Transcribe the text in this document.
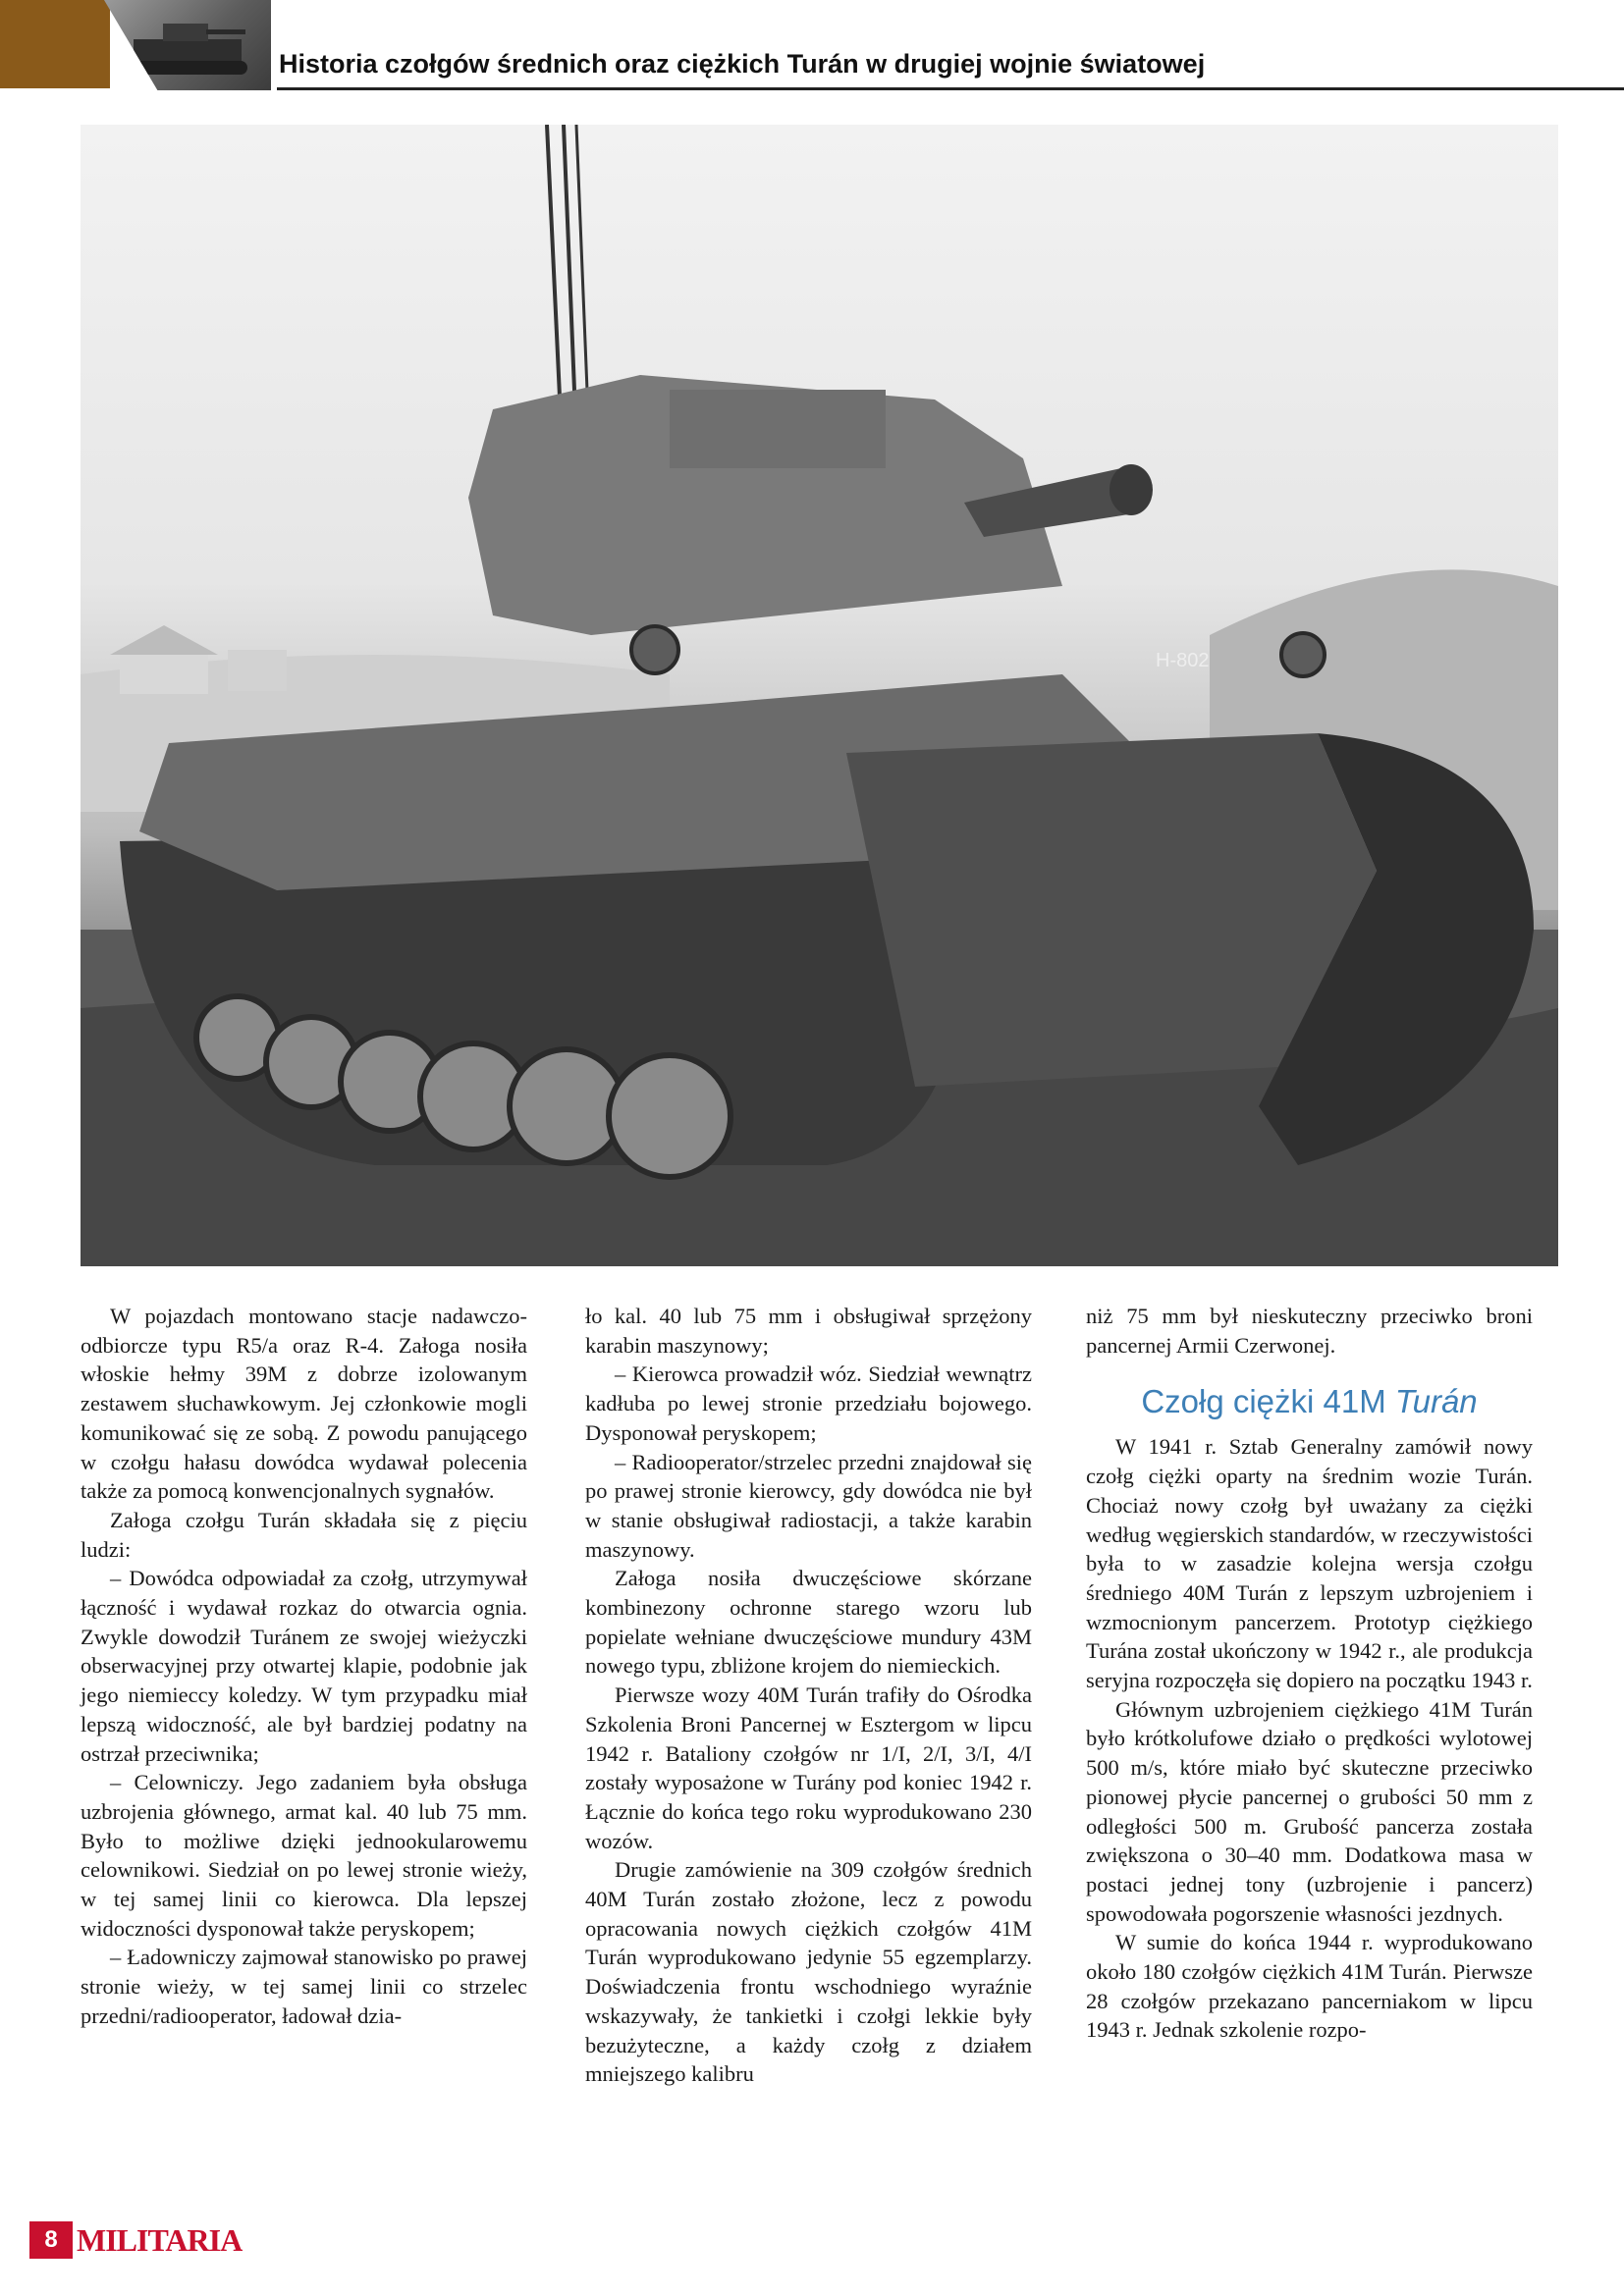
Historia czołgów średnich oraz ciężkich Turán w drugiej wojnie światowej
H-802

W pojazdach montowano stacje nadawczo-odbiorcze typu R5/a oraz R-4. Załoga nosiła włoskie hełmy 39M z dobrze izolowanym zestawem słuchawkowym. Jej członkowie mogli komunikować się ze sobą. Z powodu panującego w czołgu hałasu dowódca wydawał polecenia także za pomocą konwencjonalnych sygnałów.

Załoga czołgu Turán składała się z pięciu ludzi:

– Dowódca odpowiadał za czołg, utrzymywał łączność i wydawał rozkaz do otwarcia ognia. Zwykle dowodził Turánem ze swojej wieżyczki obserwacyjnej przy otwartej klapie, podobnie jak jego niemieccy koledzy. W tym przypadku miał lepszą widoczność, ale był bardziej podatny na ostrzał przeciwnika;

– Celowniczy. Jego zadaniem była obsługa uzbrojenia głównego, armat kal. 40 lub 75 mm. Było to możliwe dzięki jednookularowemu celownikowi. Siedział on po lewej stronie wieży, w tej samej linii co kierowca. Dla lepszej widoczności dysponował także peryskopem;

– Ładowniczy zajmował stanowisko po prawej stronie wieży, w tej samej linii co strzelec przedni/radiooperator, ładował dzia-

ło kal. 40 lub 75 mm i obsługiwał sprzężony karabin maszynowy;

– Kierowca prowadził wóz. Siedział wewnątrz kadłuba po lewej stronie przedziału bojowego. Dysponował peryskopem;

– Radiooperator/strzelec przedni znajdował się po prawej stronie kierowcy, gdy dowódca nie był w stanie obsługiwał radiostacji, a także karabin maszynowy.

Załoga nosiła dwuczęściowe skórzane kombinezony ochronne starego wzoru lub popielate wełniane dwuczęściowe mundury 43M nowego typu, zbliżone krojem do niemieckich.

Pierwsze wozy 40M Turán trafiły do Ośrodka Szkolenia Broni Pancernej w Esztergom w lipcu 1942 r. Bataliony czołgów nr 1/I, 2/I, 3/I, 4/I zostały wyposażone w Turány pod koniec 1942 r. Łącznie do końca tego roku wyprodukowano 230 wozów.

Drugie zamówienie na 309 czołgów średnich 40M Turán zostało złożone, lecz z powodu opracowania nowych ciężkich czołgów 41M Turán wyprodukowano jedynie 55 egzemplarzy. Doświadczenia frontu wschodniego wyraźnie wskazywały, że tankietki i czołgi lekkie były bezużyteczne, a każdy czołg z działem mniejszego kalibru

niż 75 mm był nieskuteczny przeciwko broni pancernej Armii Czerwonej.

Czołg ciężki 41M Turán

W 1941 r. Sztab Generalny zamówił nowy czołg ciężki oparty na średnim wozie Turán. Chociaż nowy czołg był uważany za ciężki według węgierskich standardów, w rzeczywistości była to w zasadzie kolejna wersja czołgu średniego 40M Turán z lepszym uzbrojeniem i wzmocnionym pancerzem. Prototyp ciężkiego Turána został ukończony w 1942 r., ale produkcja seryjna rozpoczęła się dopiero na początku 1943 r.

Głównym uzbrojeniem ciężkiego 41M Turán było krótkolufowe działo o prędkości wylotowej 500 m/s, które miało być skuteczne przeciwko pionowej płycie pancernej o grubości 50 mm z odległości 500 m. Grubość pancerza została zwiększona o 30–40 mm. Dodatkowa masa w postaci jednej tony (uzbrojenie i pancerz) spowodowała pogorszenie własności jezdnych.

W sumie do końca 1944 r. wyprodukowano około 180 czołgów ciężkich 41M Turán. Pierwsze 28 czołgów przekazano pancerniakom w lipcu 1943 r. Jednak szkolenie rozpo-

8 MILITARIA
